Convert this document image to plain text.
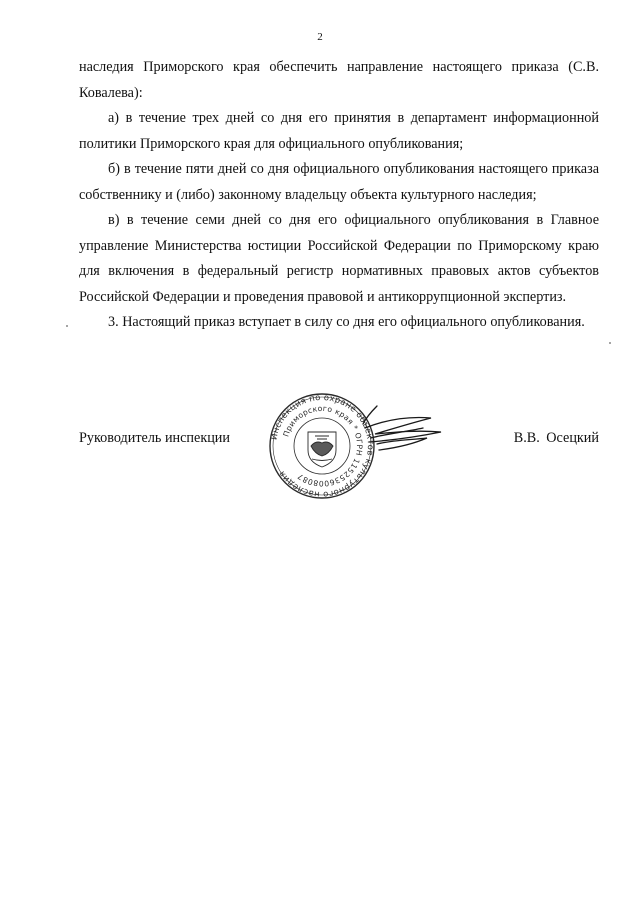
2

наследия Приморского края обеспечить направление настоящего приказа (С.В. Ковалева):

а) в течение трех дней со дня его принятия в департамент информационной политики Приморского края для официального опубликования;

б) в течение пяти дней со дня официального опубликования настоящего приказа собственнику и (либо) законному владельцу объекта культурного наследия;

в) в течение семи дней со дня его официального опубликования в Главное управление Министерства юстиции Российской Федерации по Приморскому краю для включения в федеральный регистр нормативных правовых актов субъектов Российской Федерации и проведения правовой и антикоррупционной экспертиз.

3. Настоящий приказ вступает в силу со дня его официального опубликования.

Инспекция по охране объектов культурного наследия
Приморского края * ОГРН 1152536008087
Руководитель инспекции	В.В. Осецкий
